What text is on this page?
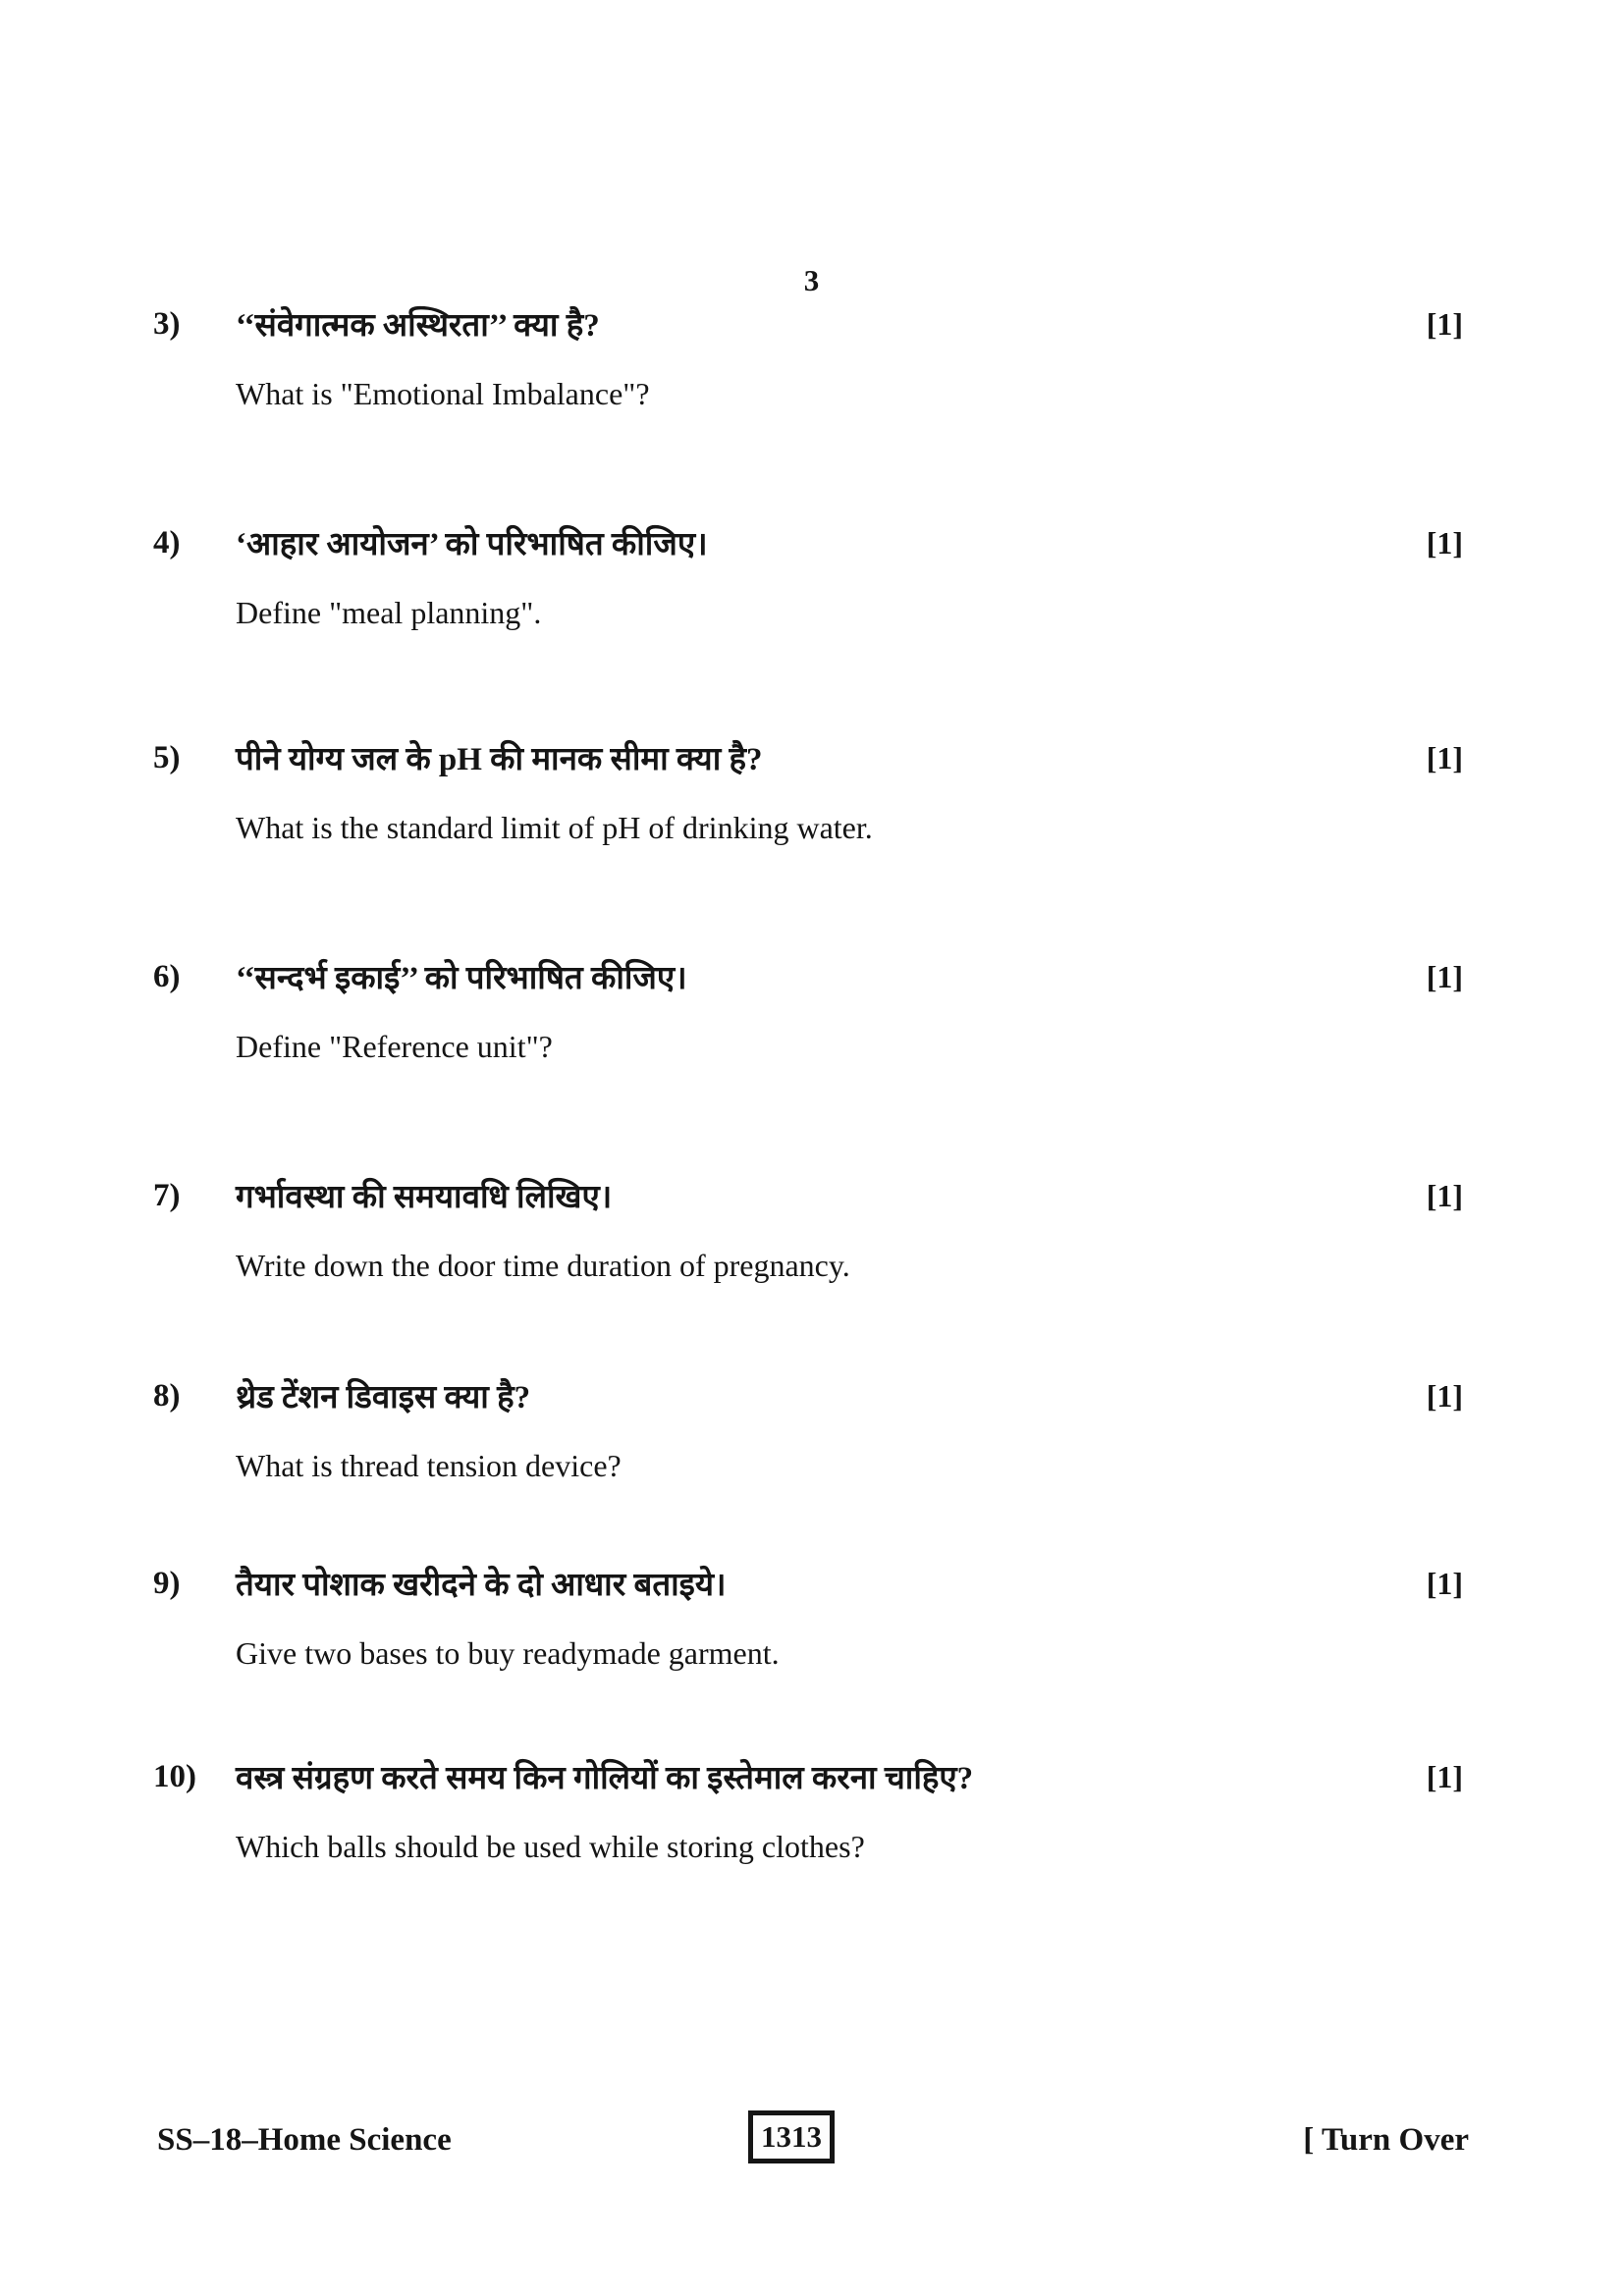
3
3)	‘‘संवेगात्मक अस्थिरता’’ क्या है?	[1]
What is "Emotional Imbalance"?
4)	‘आहार आयोजन’ को परिभाषित कीजिए।	[1]
Define "meal planning".
5)	पीने योग्य जल के pH की मानक सीमा क्या है?	[1]
What is the standard limit of pH of drinking water.
6)	‘‘सन्दर्भ इकाई’’ को परिभाषित कीजिए।	[1]
Define "Reference unit"?
7)	गर्भावस्था की समयावधि लिखिए।	[1]
Write down the door time duration of pregnancy.
8)	थ्रेड टेंशन डिवाइस क्या है?	[1]
What is thread tension device?
9)	तैयार पोशाक खरीदने के दो आधार बताइये।	[1]
Give two bases to buy readymade garment.
10)	वस्त्र संग्रहण करते समय किन गोलियों का इस्तेमाल करना चाहिए?	[1]
Which balls should be used while storing clothes?
SS–18–Home Science	1313	[ Turn Over
